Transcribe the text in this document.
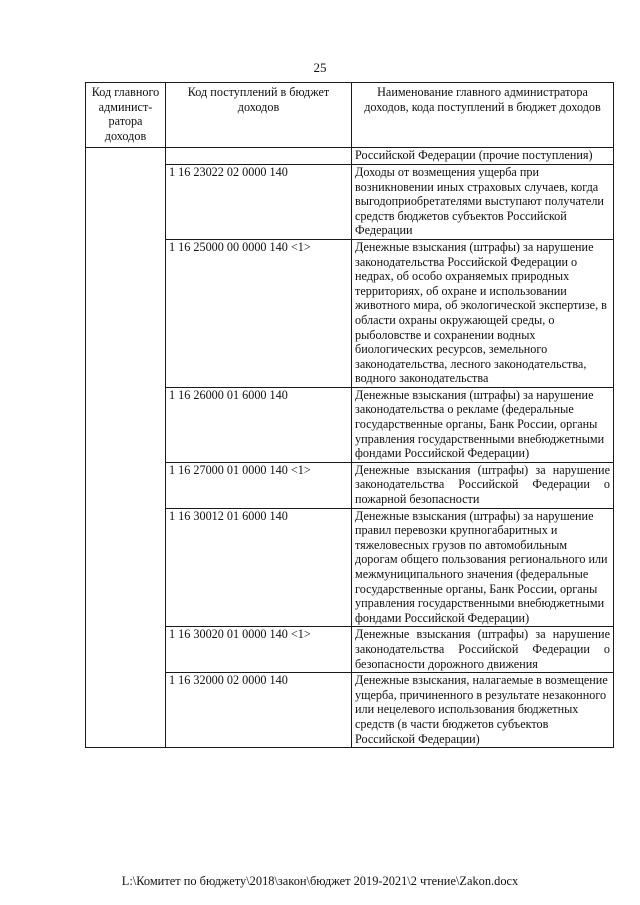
25
Код главного админист-ратора доходов	Код поступлений в бюджет доходов	Наименование главного администратора доходов, кода поступлений в бюджет доходов
		Российской Федерации (прочие поступления)
	1 16 23022 02 0000 140	Доходы от возмещения ущерба при возникновении иных страховых случаев, когда выгодоприобретателями выступают получатели средств бюджетов субъектов Российской Федерации
	1 16 25000 00 0000 140 <1>	Денежные взыскания (штрафы) за нарушение законодательства Российской Федерации о недрах, об особо охраняемых природных территориях, об охране и использовании животного мира, об экологической экспертизе, в области охраны окружающей среды, о рыболовстве и сохранении водных биологических ресурсов, земельного законодательства, лесного законодательства, водного законодательства
	1 16 26000 01 6000 140	Денежные взыскания (штрафы) за нарушение законодательства о рекламе (федеральные государственные органы, Банк России, органы управления государственными внебюджетными фондами Российской Федерации)
	1 16 27000 01 0000 140 <1>	Денежные взыскания (штрафы) за нарушение законодательства Российской Федерации о пожарной безопасности
	1 16 30012 01 6000 140	Денежные взыскания (штрафы) за нарушение правил перевозки крупногабаритных и тяжеловесных грузов по автомобильным дорогам общего пользования регионального или межмуниципального значения (федеральные государственные органы, Банк России, органы управления государственными внебюджетными фондами Российской Федерации)
	1 16 30020 01 0000 140 <1>	Денежные взыскания (штрафы) за нарушение законодательства Российской Федерации о безопасности дорожного движения
	1 16 32000 02 0000 140	Денежные взыскания, налагаемые в возмещение ущерба, причиненного в результате незаконного или нецелевого использования бюджетных средств (в части бюджетов субъектов Российской Федерации)
L:\Комитет по бюджету\2018\закон\бюджет 2019-2021\2 чтение\Zakon.docx
